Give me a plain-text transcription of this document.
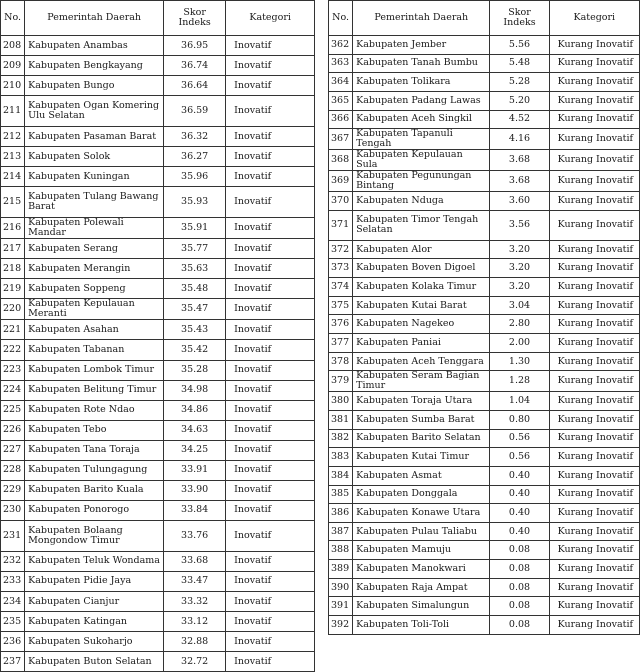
No.	Pemerintah Daerah	Skor Indeks	Kategori
208	Kabupaten Anambas	36.95	Inovatif
209	Kabupaten Bengkayang	36.74	Inovatif
210	Kabupaten Bungo	36.64	Inovatif
211	Kabupaten Ogan Komering Ulu Selatan	36.59	Inovatif
212	Kabupaten Pasaman Barat	36.32	Inovatif
213	Kabupaten Solok	36.27	Inovatif
214	Kabupaten Kuningan	35.96	Inovatif
215	Kabupaten Tulang Bawang Barat	35.93	Inovatif
216	Kabupaten Polewali Mandar	35.91	Inovatif
217	Kabupaten Serang	35.77	Inovatif
218	Kabupaten Merangin	35.63	Inovatif
219	Kabupaten Soppeng	35.48	Inovatif
220	Kabupaten Kepulauan Meranti	35.47	Inovatif
221	Kabupaten Asahan	35.43	Inovatif
222	Kabupaten Tabanan	35.42	Inovatif
223	Kabupaten Lombok Timur	35.28	Inovatif
224	Kabupaten Belitung Timur	34.98	Inovatif
225	Kabupaten Rote Ndao	34.86	Inovatif
226	Kabupaten Tebo	34.63	Inovatif
227	Kabupaten Tana Toraja	34.25	Inovatif
228	Kabupaten Tulungagung	33.91	Inovatif
229	Kabupaten Barito Kuala	33.90	Inovatif
230	Kabupaten Ponorogo	33.84	Inovatif
231	Kabupaten Bolaang Mongondow Timur	33.76	Inovatif
232	Kabupaten Teluk Wondama	33.68	Inovatif
233	Kabupaten Pidie Jaya	33.47	Inovatif
234	Kabupaten Cianjur	33.32	Inovatif
235	Kabupaten Katingan	33.12	Inovatif
236	Kabupaten Sukoharjo	32.88	Inovatif
237	Kabupaten Buton Selatan	32.72	Inovatif
No.	Pemerintah Daerah	Skor Indeks	Kategori
362	Kabupaten Jember	5.56	Kurang Inovatif
363	Kabupaten Tanah Bumbu	5.48	Kurang Inovatif
364	Kabupaten Tolikara	5.28	Kurang Inovatif
365	Kabupaten Padang Lawas	5.20	Kurang Inovatif
366	Kabupaten Aceh Singkil	4.52	Kurang Inovatif
367	Kabupaten Tapanuli Tengah	4.16	Kurang Inovatif
368	Kabupaten Kepulauan Sula	3.68	Kurang Inovatif
369	Kabupaten Pegunungan Bintang	3.68	Kurang Inovatif
370	Kabupaten Nduga	3.60	Kurang Inovatif
371	Kabupaten Timor Tengah Selatan	3.56	Kurang Inovatif
372	Kabupaten Alor	3.20	Kurang Inovatif
373	Kabupaten Boven Digoel	3.20	Kurang Inovatif
374	Kabupaten Kolaka Timur	3.20	Kurang Inovatif
375	Kabupaten Kutai Barat	3.04	Kurang Inovatif
376	Kabupaten Nagekeo	2.80	Kurang Inovatif
377	Kabupaten Paniai	2.00	Kurang Inovatif
378	Kabupaten Aceh Tenggara	1.30	Kurang Inovatif
379	Kabupaten Seram Bagian Timur	1.28	Kurang Inovatif
380	Kabupaten Toraja Utara	1.04	Kurang Inovatif
381	Kabupaten Sumba Barat	0.80	Kurang Inovatif
382	Kabupaten Barito Selatan	0.56	Kurang Inovatif
383	Kabupaten Kutai Timur	0.56	Kurang Inovatif
384	Kabupaten Asmat	0.40	Kurang Inovatif
385	Kabupaten Donggala	0.40	Kurang Inovatif
386	Kabupaten Konawe Utara	0.40	Kurang Inovatif
387	Kabupaten Pulau Taliabu	0.40	Kurang Inovatif
388	Kabupaten Mamuju	0.08	Kurang Inovatif
389	Kabupaten Manokwari	0.08	Kurang Inovatif
390	Kabupaten Raja Ampat	0.08	Kurang Inovatif
391	Kabupaten Simalungun	0.08	Kurang Inovatif
392	Kabupaten Toli-Toli	0.08	Kurang Inovatif
